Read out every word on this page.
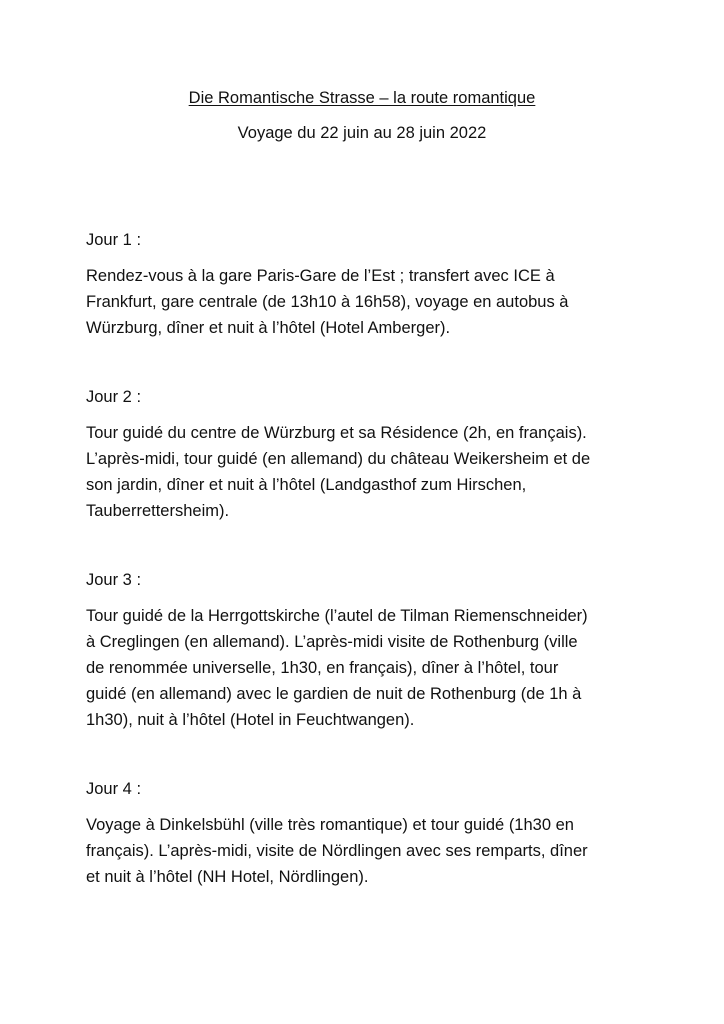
Die Romantische Strasse – la route romantique
Voyage du 22 juin au 28 juin 2022
Jour 1 :
Rendez-vous à la gare Paris-Gare de l’Est ; transfert avec ICE à
Frankfurt, gare centrale (de 13h10 à 16h58), voyage en autobus à
Würzburg, dîner et nuit à l’hôtel (Hotel Amberger).
Jour 2 :
Tour guidé du centre de Würzburg et sa Résidence (2h, en français).
L’après-midi, tour guidé (en allemand) du château Weikersheim et de
son jardin, dîner et nuit à l’hôtel (Landgasthof zum Hirschen,
Tauberrettersheim).
Jour 3 :
Tour guidé de la Herrgottskirche (l’autel de Tilman Riemenschneider)
à Creglingen (en allemand). L’après-midi visite de Rothenburg (ville
de renommée universelle, 1h30, en français), dîner à l’hôtel, tour
guidé (en allemand) avec le gardien de nuit de Rothenburg (de 1h à
1h30), nuit à l’hôtel (Hotel in Feuchtwangen).
Jour 4 :
Voyage à Dinkelsbühl (ville très romantique) et tour guidé (1h30 en
français). L’après-midi, visite de Nördlingen avec ses remparts, dîner
et nuit à l’hôtel (NH Hotel, Nördlingen).
